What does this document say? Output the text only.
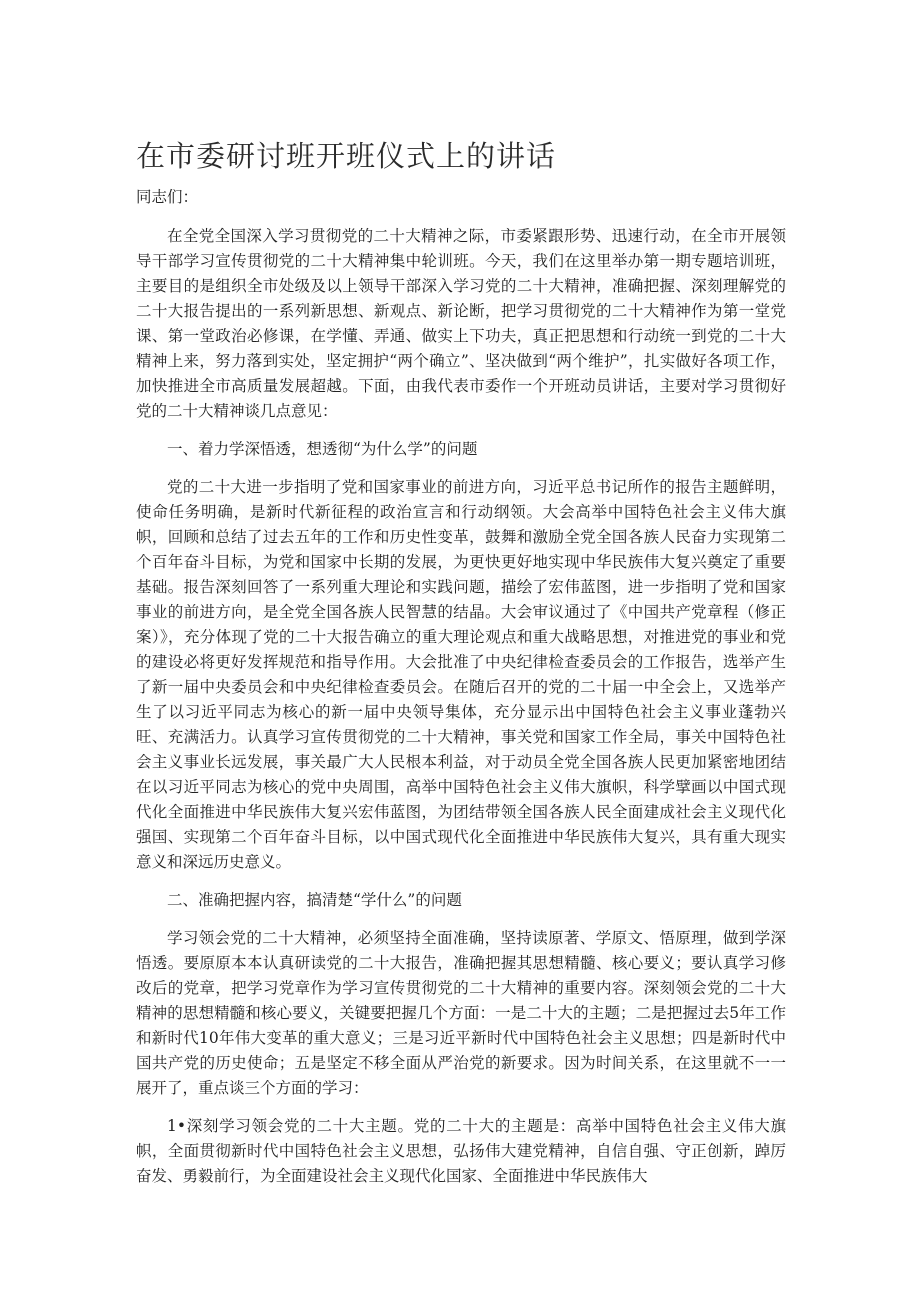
在市委研讨班开班仪式上的讲话

同志们：

在全党全国深入学习贯彻党的二十大精神之际，市委紧跟形势、迅速行动，在全市开展领导干部学习宣传贯彻党的二十大精神集中轮训班。今天，我们在这里举办第一期专题培训班，主要目的是组织全市处级及以上领导干部深入学习党的二十大精神，准确把握、深刻理解党的二十大报告提出的一系列新思想、新观点、新论断，把学习贯彻党的二十大精神作为第一堂党课、第一堂政治必修课，在学懂、弄通、做实上下功夫，真正把思想和行动统一到党的二十大精神上来，努力落到实处，坚定拥护“两个确立”、坚决做到“两个维护”，扎实做好各项工作，加快推进全市高质量发展超越。下面，由我代表市委作一个开班动员讲话，主要对学习贯彻好党的二十大精神谈几点意见：

一、着力学深悟透，想透彻“为什么学”的问题

党的二十大进一步指明了党和国家事业的前进方向，习近平总书记所作的报告主题鲜明，使命任务明确，是新时代新征程的政治宣言和行动纲领。大会高举中国特色社会主义伟大旗帜，回顾和总结了过去五年的工作和历史性变革，鼓舞和激励全党全国各族人民奋力实现第二个百年奋斗目标，为党和国家中长期的发展，为更快更好地实现中华民族伟大复兴奠定了重要基础。报告深刻回答了一系列重大理论和实践问题，描绘了宏伟蓝图，进一步指明了党和国家事业的前进方向，是全党全国各族人民智慧的结晶。大会审议通过了《中国共产党章程（修正案）》，充分体现了党的二十大报告确立的重大理论观点和重大战略思想，对推进党的事业和党的建设必将更好发挥规范和指导作用。大会批准了中央纪律检查委员会的工作报告，选举产生了新一届中央委员会和中央纪律检查委员会。在随后召开的党的二十届一中全会上，又选举产生了以习近平同志为核心的新一届中央领导集体，充分显示出中国特色社会主义事业蓬勃兴旺、充满活力。认真学习宣传贯彻党的二十大精神，事关党和国家工作全局，事关中国特色社会主义事业长远发展，事关最广大人民根本利益，对于动员全党全国各族人民更加紧密地团结在以习近平同志为核心的党中央周围，高举中国特色社会主义伟大旗帜，科学擘画以中国式现代化全面推进中华民族伟大复兴宏伟蓝图，为团结带领全国各族人民全面建成社会主义现代化强国、实现第二个百年奋斗目标，以中国式现代化全面推进中华民族伟大复兴，具有重大现实意义和深远历史意义。

二、准确把握内容，搞清楚“学什么”的问题

学习领会党的二十大精神，必须坚持全面准确，坚持读原著、学原文、悟原理，做到学深悟透。要原原本本认真研读党的二十大报告，准确把握其思想精髓、核心要义；要认真学习修改后的党章，把学习党章作为学习宣传贯彻党的二十大精神的重要内容。深刻领会党的二十大精神的思想精髓和核心要义，关键要把握几个方面：一是二十大的主题；二是把握过去5年工作和新时代10年伟大变革的重大意义；三是习近平新时代中国特色社会主义思想；四是新时代中国共产党的历史使命；五是坚定不移全面从严治党的新要求。因为时间关系，在这里就不一一展开了，重点谈三个方面的学习：

1•深刻学习领会党的二十大主题。党的二十大的主题是：高举中国特色社会主义伟大旗帜，全面贯彻新时代中国特色社会主义思想，弘扬伟大建党精神，自信自强、守正创新，踔厉奋发、勇毅前行，为全面建设社会主义现代化国家、全面推进中华民族伟大
